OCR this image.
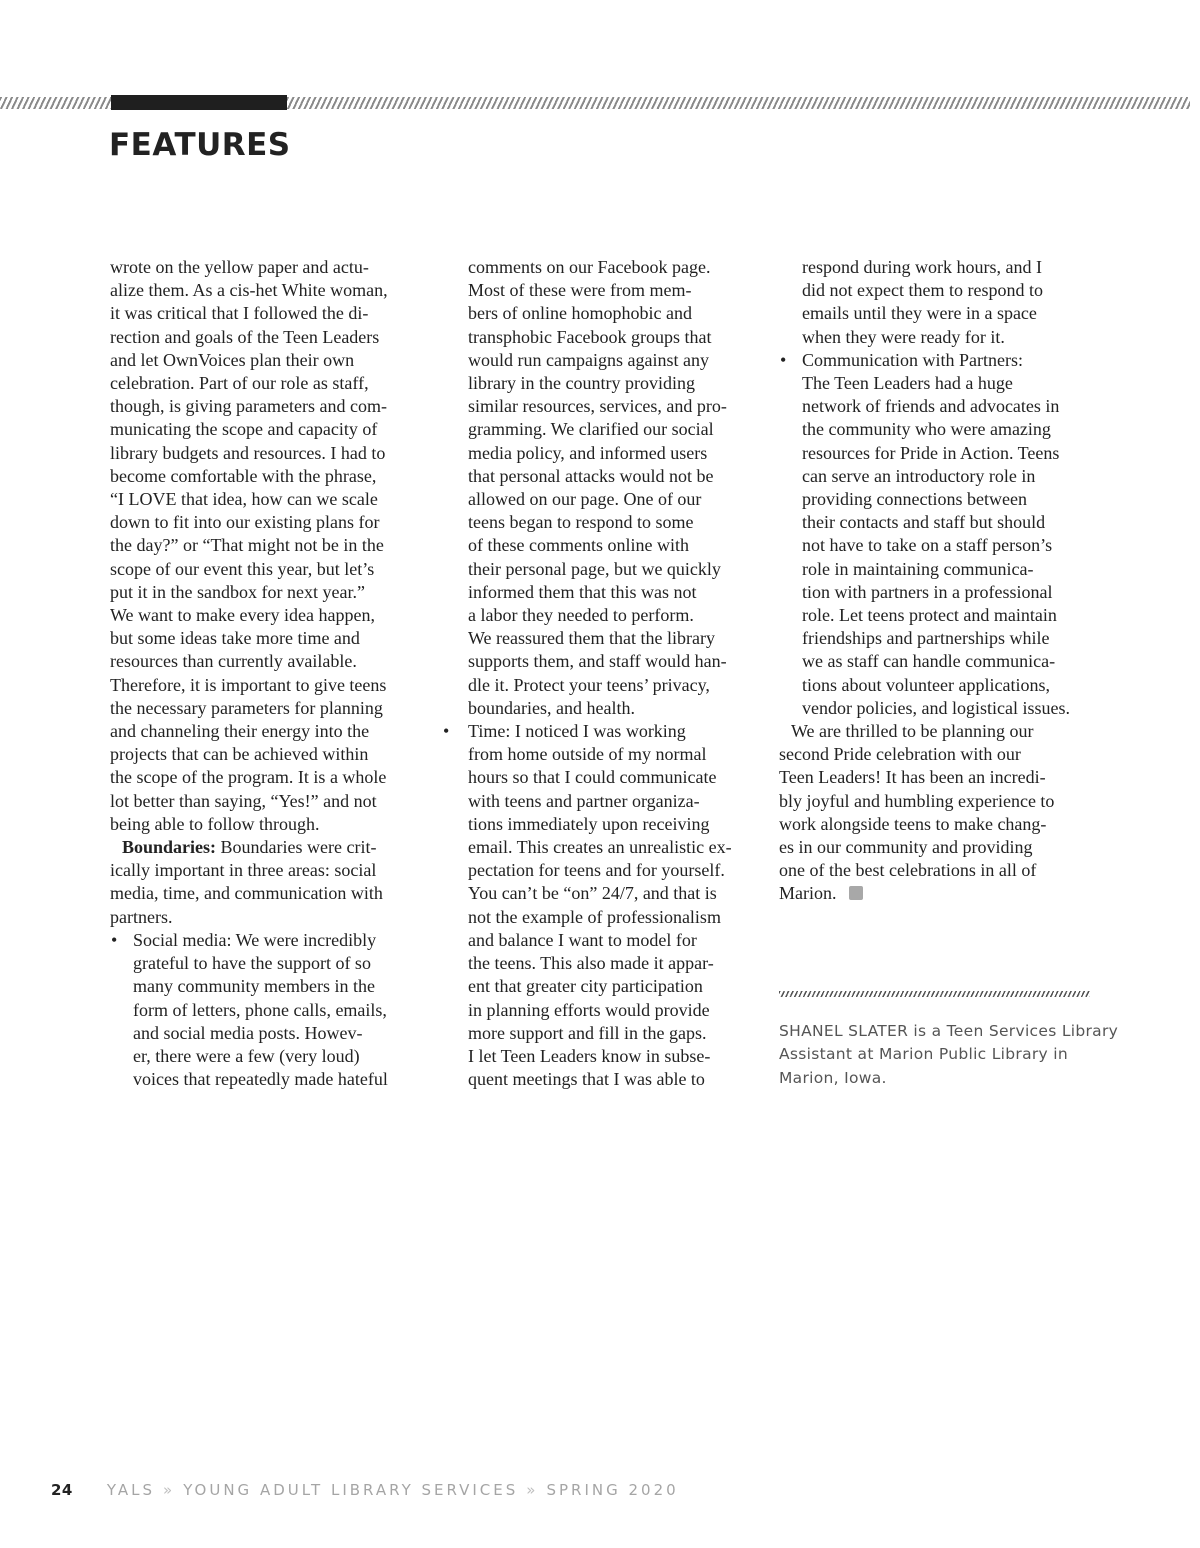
FEATURES

wrote on the yellow paper and actu-
alize them. As a cis-het White woman,
it was critical that I followed the di-
rection and goals of the Teen Leaders
and let OwnVoices plan their own
celebration. Part of our role as staff,
though, is giving parameters and com-
municating the scope and capacity of
library budgets and resources. I had to
become comfortable with the phrase,
“I LOVE that idea, how can we scale
down to fit into our existing plans for
the day?” or “That might not be in the
scope of our event this year, but let’s
put it in the sandbox for next year.”
We want to make every idea happen,
but some ideas take more time and
resources than currently available.
Therefore, it is important to give teens
the necessary parameters for planning
and channeling their energy into the
projects that can be achieved within
the scope of the program. It is a whole
lot better than saying, “Yes!” and not
being able to follow through.

Boundaries: Boundaries were crit-
ically important in three areas: social
media, time, and communication with
partners.

• Social media: We were incredibly
grateful to have the support of so
many community members in the
form of letters, phone calls, emails,
and social media posts. Howev-
er, there were a few (very loud)
voices that repeatedly made hateful

comments on our Facebook page.
Most of these were from mem-
bers of online homophobic and
transphobic Facebook groups that
would run campaigns against any
library in the country providing
similar resources, services, and pro-
gramming. We clarified our social
media policy, and informed users
that personal attacks would not be
allowed on our page. One of our
teens began to respond to some
of these comments online with
their personal page, but we quickly
informed them that this was not
a labor they needed to perform.
We reassured them that the library
supports them, and staff would han-
dle it. Protect your teens’ privacy,
boundaries, and health.

• Time: I noticed I was working
from home outside of my normal
hours so that I could communicate
with teens and partner organiza-
tions immediately upon receiving
email. This creates an unrealistic ex-
pectation for teens and for yourself.
You can’t be “on” 24/7, and that is
not the example of professionalism
and balance I want to model for
the teens. This also made it appar-
ent that greater city participation
in planning efforts would provide
more support and fill in the gaps.
I let Teen Leaders know in subse-
quent meetings that I was able to

respond during work hours, and I
did not expect them to respond to
emails until they were in a space
when they were ready for it.

• Communication with Partners:
The Teen Leaders had a huge
network of friends and advocates in
the community who were amazing
resources for Pride in Action. Teens
can serve an introductory role in
providing connections between
their contacts and staff but should
not have to take on a staff person’s
role in maintaining communica-
tion with partners in a professional
role. Let teens protect and maintain
friendships and partnerships while
we as staff can handle communica-
tions about volunteer applications,
vendor policies, and logistical issues.

We are thrilled to be planning our
second Pride celebration with our
Teen Leaders! It has been an incredi-
bly joyful and humbling experience to
work alongside teens to make chang-
es in our community and providing
one of the best celebrations in all of
Marion.

SHANEL SLATER is a Teen Services Library
Assistant at Marion Public Library in
Marion, Iowa.

24 YALS » YOUNG ADULT LIBRARY SERVICES » SPRING 2020
